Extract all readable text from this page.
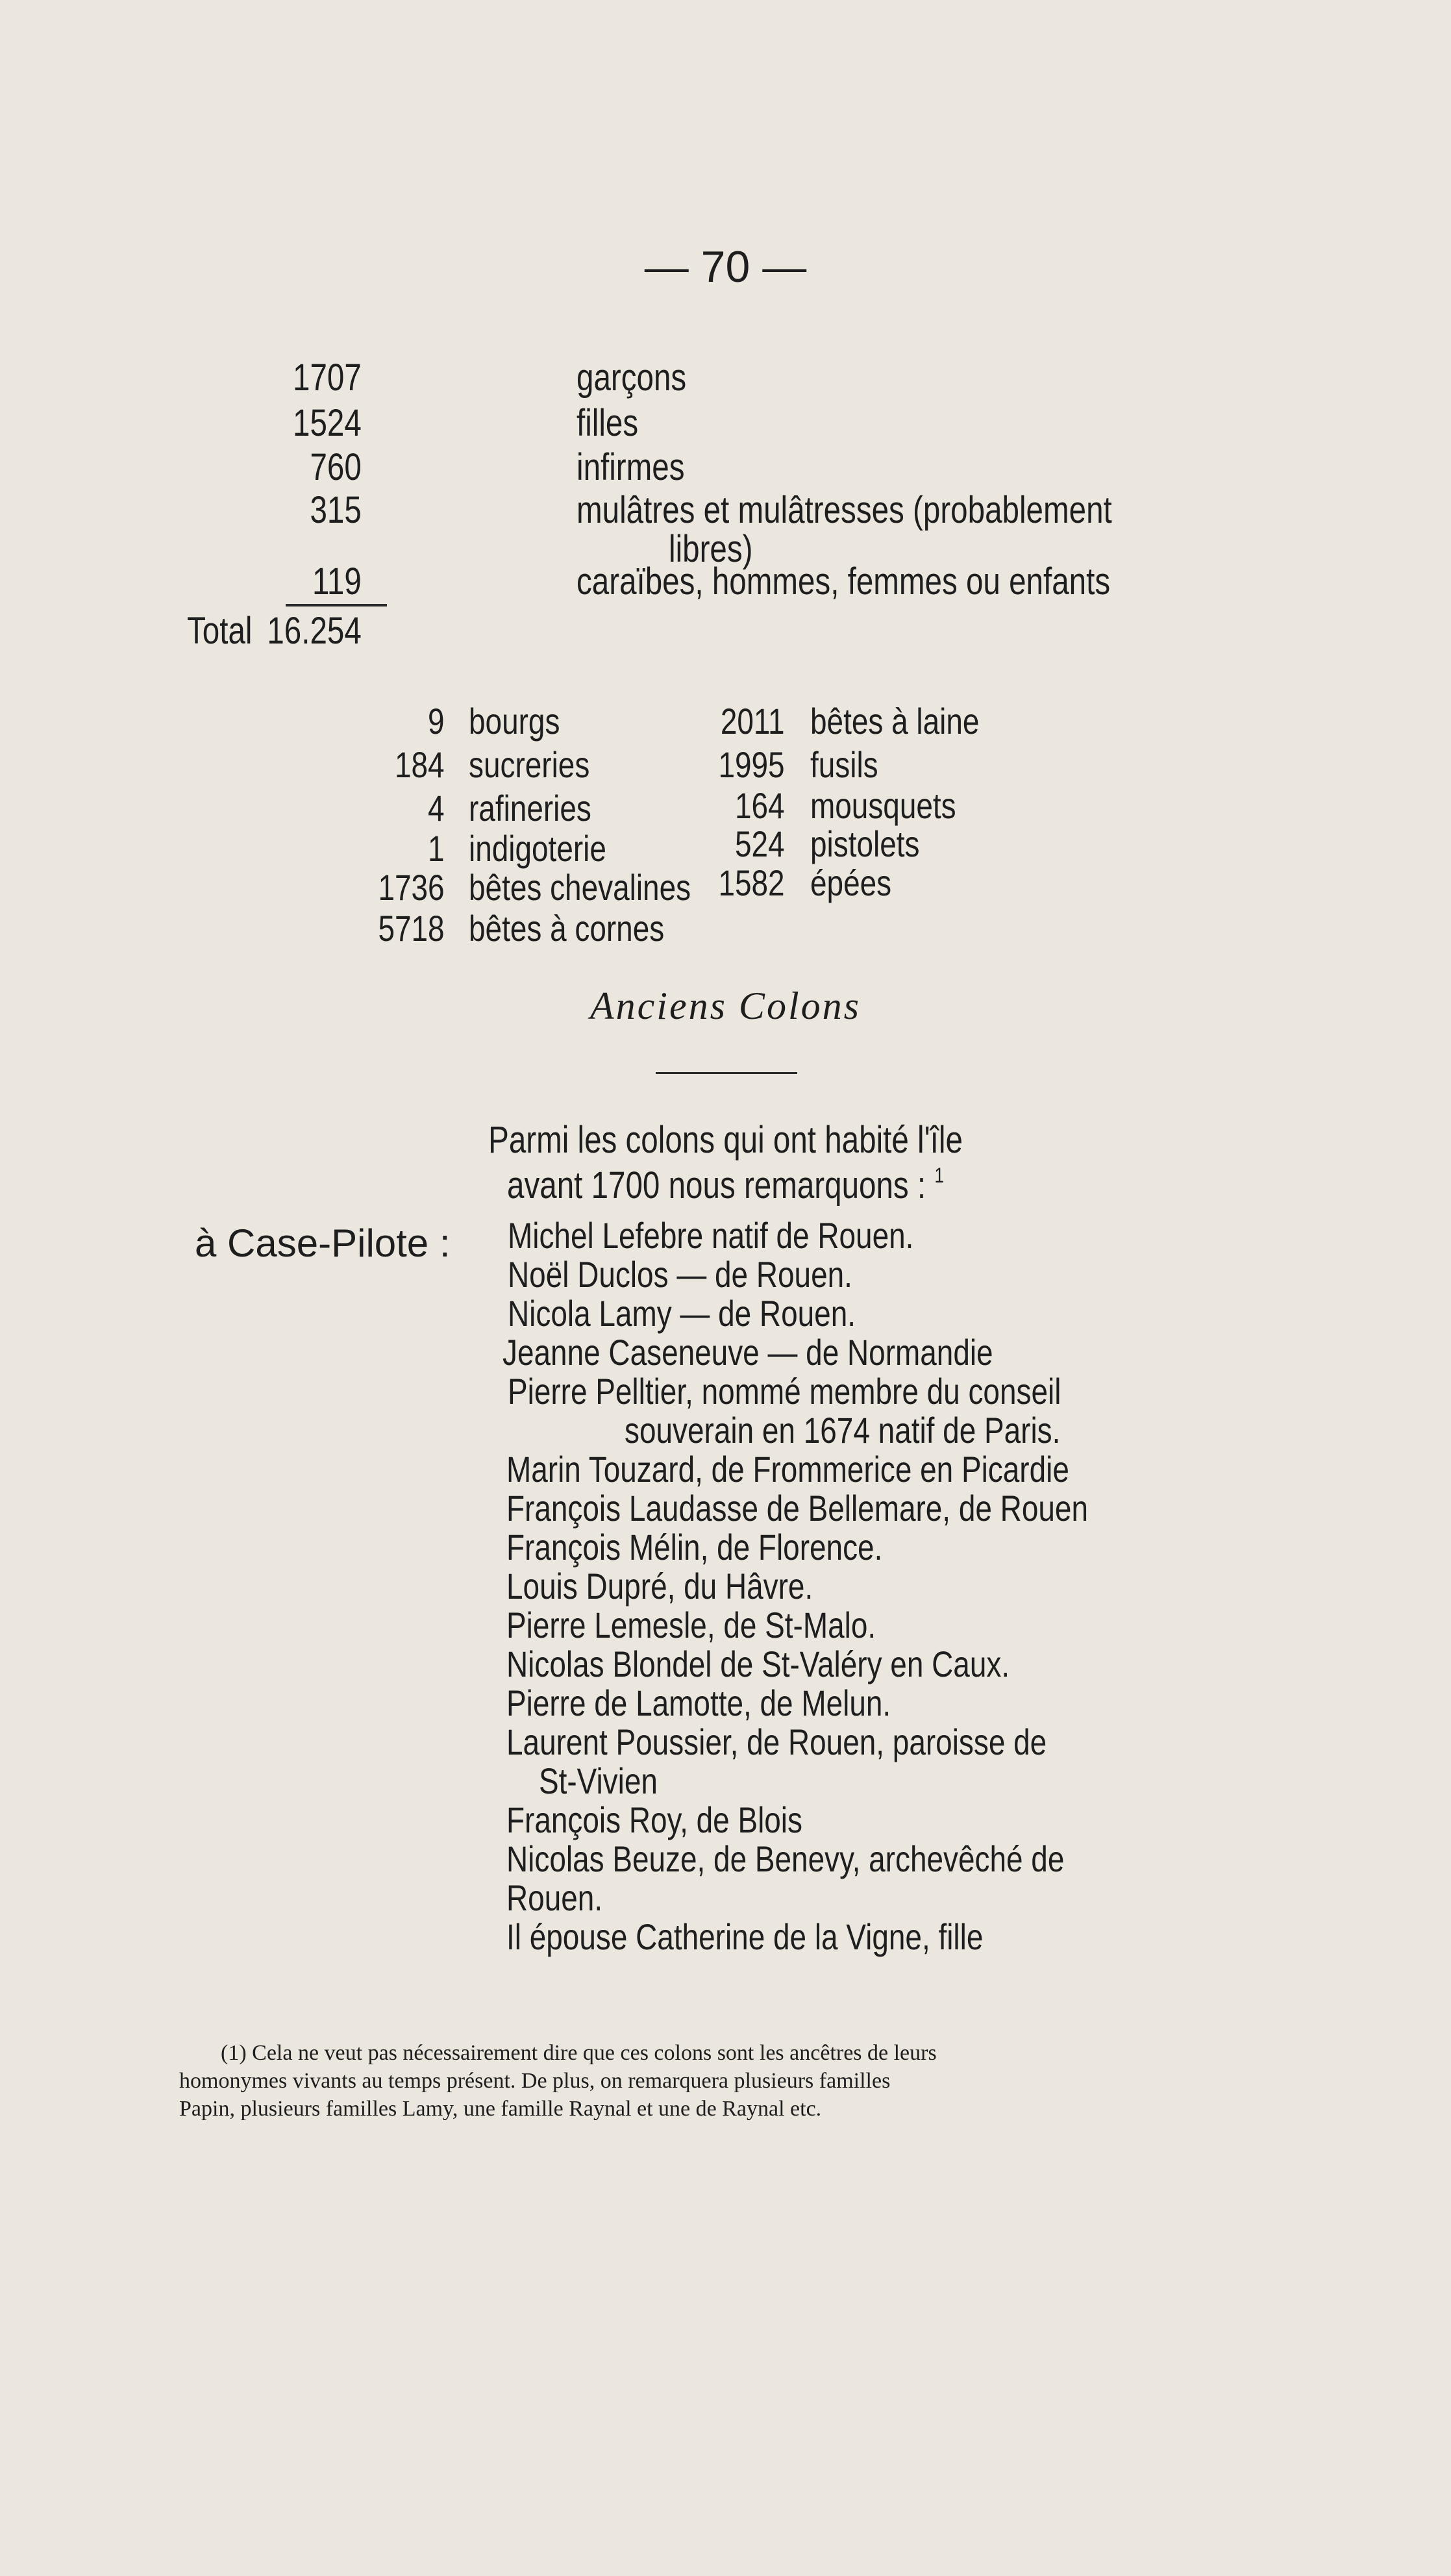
— 70 —
1707	garçons
1524	filles
760	infirmes
315	mulâtres et mulâtresses (probablement
libres)
119	caraïbes, hommes, femmes ou enfants
Total 16.254
9 bourgs
184 sucreries
4 rafineries
1 indigoterie
1736 bêtes chevalines
5718 bêtes à cornes
2011 bêtes à laine
1995 fusils
164 mousquets
524 pistolets
1582 épées
Anciens Colons
Parmi les colons qui ont habité l'île
avant 1700 nous remarquons : $^1$
à Case-Pilote : Michel Lefebre natif de Rouen.
Noël Duclos — de Rouen.
Nicola Lamy — de Rouen.
Jeanne Caseneuve — de Normandie
Pierre Pelltier, nommé membre du conseil
souverain en 1674 natif de Paris.
Marin Touzard, de Frommerice en Picardie
François Laudasse de Bellemare, de Rouen
François Mélin, de Florence.
Louis Dupré, du Hâvre.
Pierre Lemesle, de St-Malo.
Nicolas Blondel de St-Valéry en Caux.
Pierre de Lamotte, de Melun.
Laurent Poussier, de Rouen, paroisse de
St-Vivien
François Roy, de Blois
Nicolas Beuze, de Benevy, archevêché de
Rouen.
Il épouse Catherine de la Vigne, fille
(1) Cela ne veut pas nécessairement dire que ces colons sont les ancêtres de leurs
homonymes vivants au temps présent. De plus, on remarquera plusieurs familles
Papin, plusieurs familles Lamy, une famille Raynal et une de Raynal etc.
